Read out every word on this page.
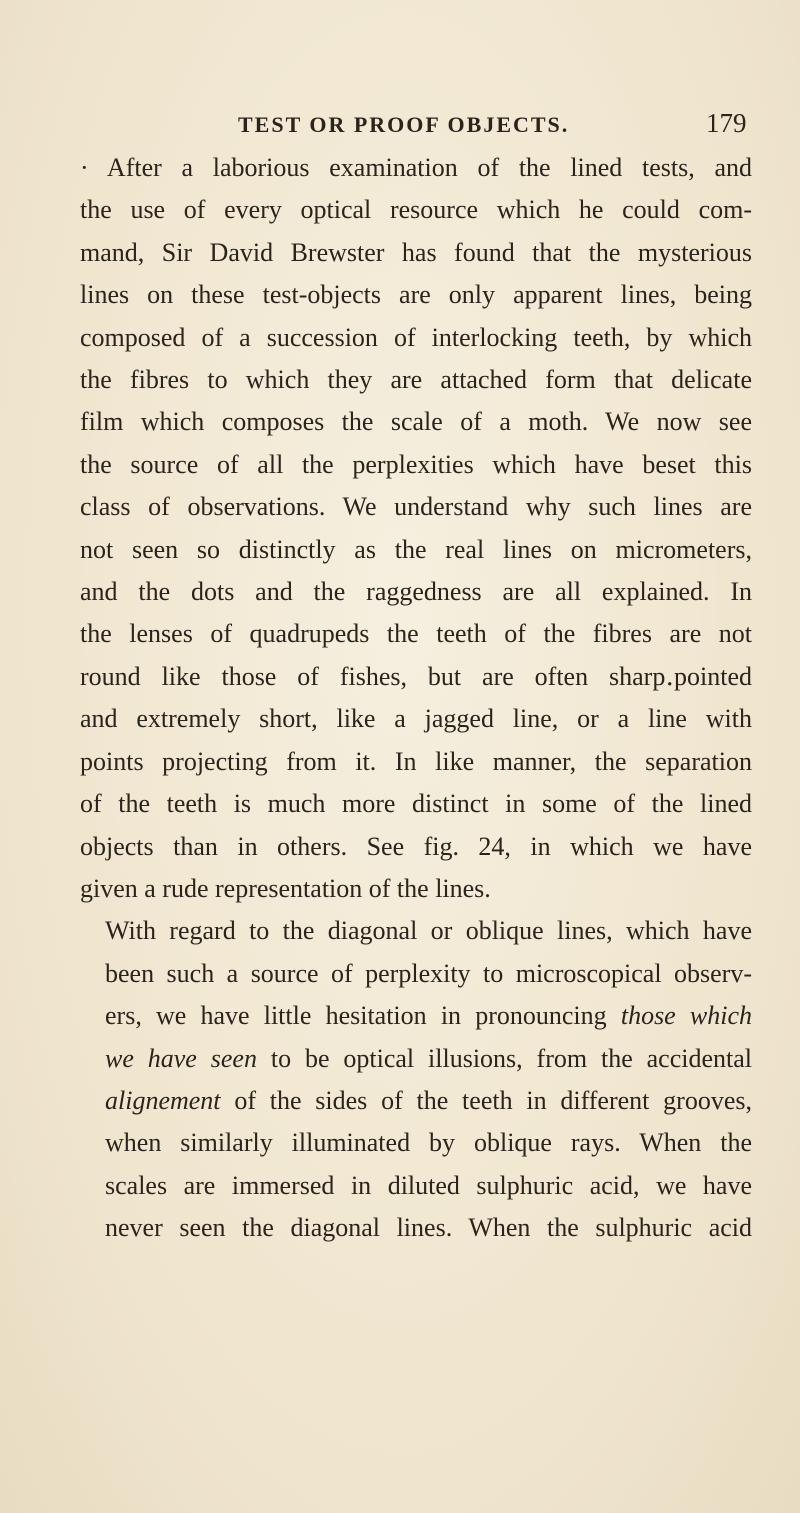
TEST OR PROOF OBJECTS.	179

· After a laborious examination of the lined tests, and
the use of every optical resource which he could com-
mand, Sir David Brewster has found that the mysterious
lines on these test-objects are only apparent lines, being
composed of a succession of interlocking teeth, by which
the fibres to which they are attached form that delicate
film which composes the scale of a moth. We now see
the source of all the perplexities which have beset this
class of observations. We understand why such lines are
not seen so distinctly as the real lines on micrometers,
and the dots and the raggedness are all explained. In
the lenses of quadrupeds the teeth of the fibres are not
round like those of fishes, but are often sharp․pointed
and extremely short, like a jagged line, or a line with
points projecting from it. In like manner, the separation
of the teeth is much more distinct in some of the lined
objects than in others. See fig. 24, in which we have
given a rude representation of the lines.

With regard to the diagonal or oblique lines, which have
been such a source of perplexity to microscopical observ-
ers, we have little hesitation in pronouncing those which
we have seen to be optical illusions, from the accidental
alignement of the sides of the teeth in different grooves,
when similarly illuminated by oblique rays. When the
scales are immersed in diluted sulphuric acid, we have
never seen the diagonal lines. When the sulphuric acid
